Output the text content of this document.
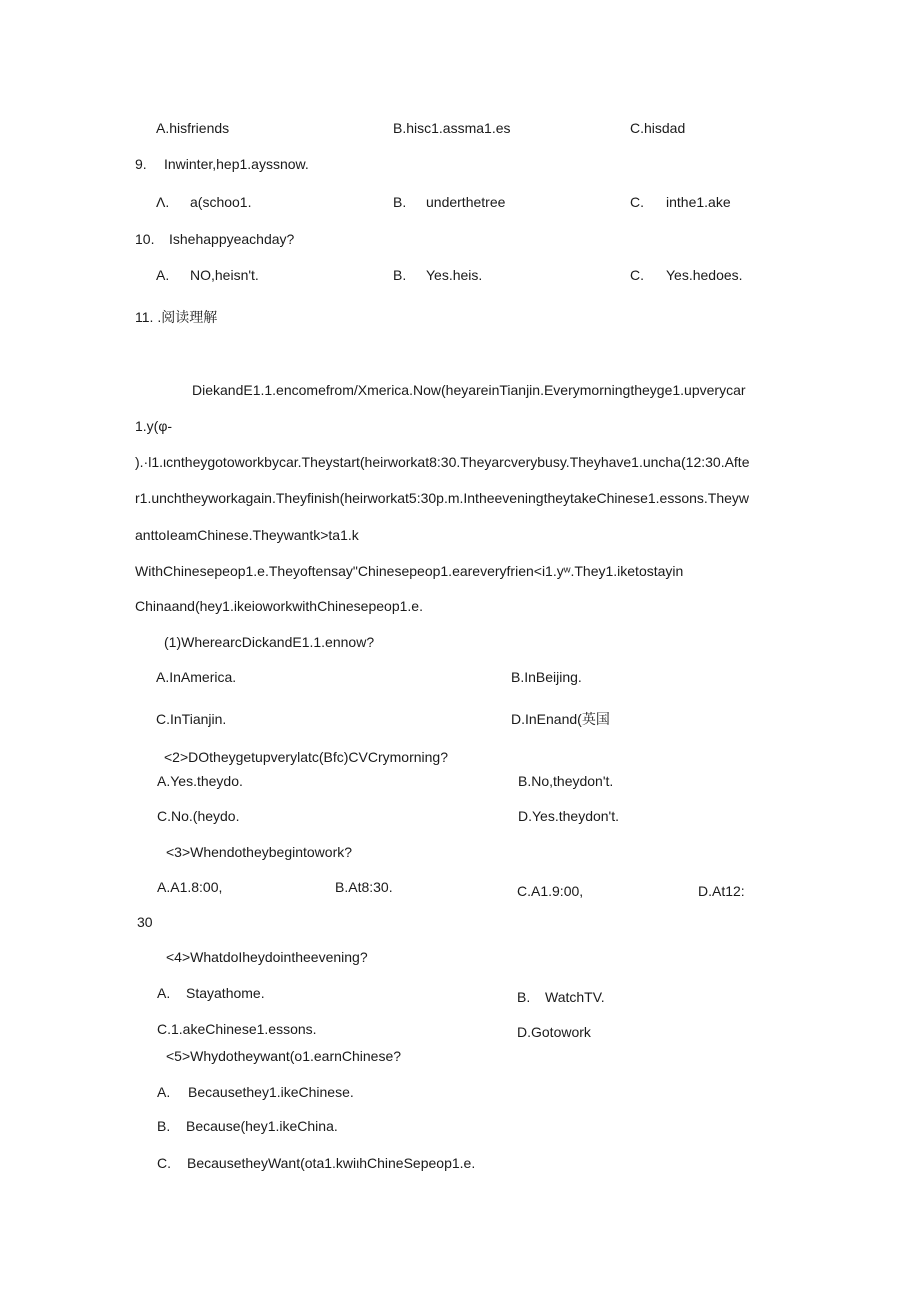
A.hisfriends	B.hisc1.assma1.es	C.hisdad
9. Inwinter,hep1.ayssnow.
Λ. a(schoo1.	B. underthetree	C. inthe1.ake
10. Ishehappyeachday?
A. NO,heisn't.	B. Yes.heis.	C. Yes.hedoes.
11. .阅读理解
DiekandE1.1.encomefrom/Xmerica.Now(heyareinTianjin.Everymorningtheyge1.upverycar
1.y(φ-
).·l1.ιcntheygotoworkbycar.Theystart(heirworkat8:30.Theyarcverybusy.Theyhave1.uncha(12:30.Afte
r1.unchtheyworkagain.Theyfinish(heirworkat5:30p.m.IntheeveningtheytakeChinese1.essons.Theyw
anttoIeamChinese.Theywantk>ta1.k
WithChinesepeop1.e.Theyoftensay"Chinesepeop1.eareveryfrien<i1.yʷ.They1.iketostayin
Chinaand(hey1.ikeioworkwithChinesepeop1.e.
(1)WherearcDickandE1.1.ennow?
A.InAmerica.	B.InBeijing.
C.InTianjin.	D.InEnand(英国
<2>DOtheygetupverylatc(Bfc)CVCrymorning?
A.Yes.theydo.	B.No,theydon't.
C.No.(heydo.	D.Yes.theydon't.
<3>Whendotheybegintowork?
A.A1.8:00,	B.At8:30.	C.A1.9:00,	D.At12:
30
<4>WhatdoIheydointheevening?
A. Stayathome.	B. WatchTV.
C.1.akeChinese1.essons.	D.Gotowork
<5>Whydotheywant(o1.earnChinese?
A. Becausethey1.ikeChinese.
B. Because(hey1.ikeChina.
C. BecausetheyWant(ota1.kwiιhChineSepeop1.e.
